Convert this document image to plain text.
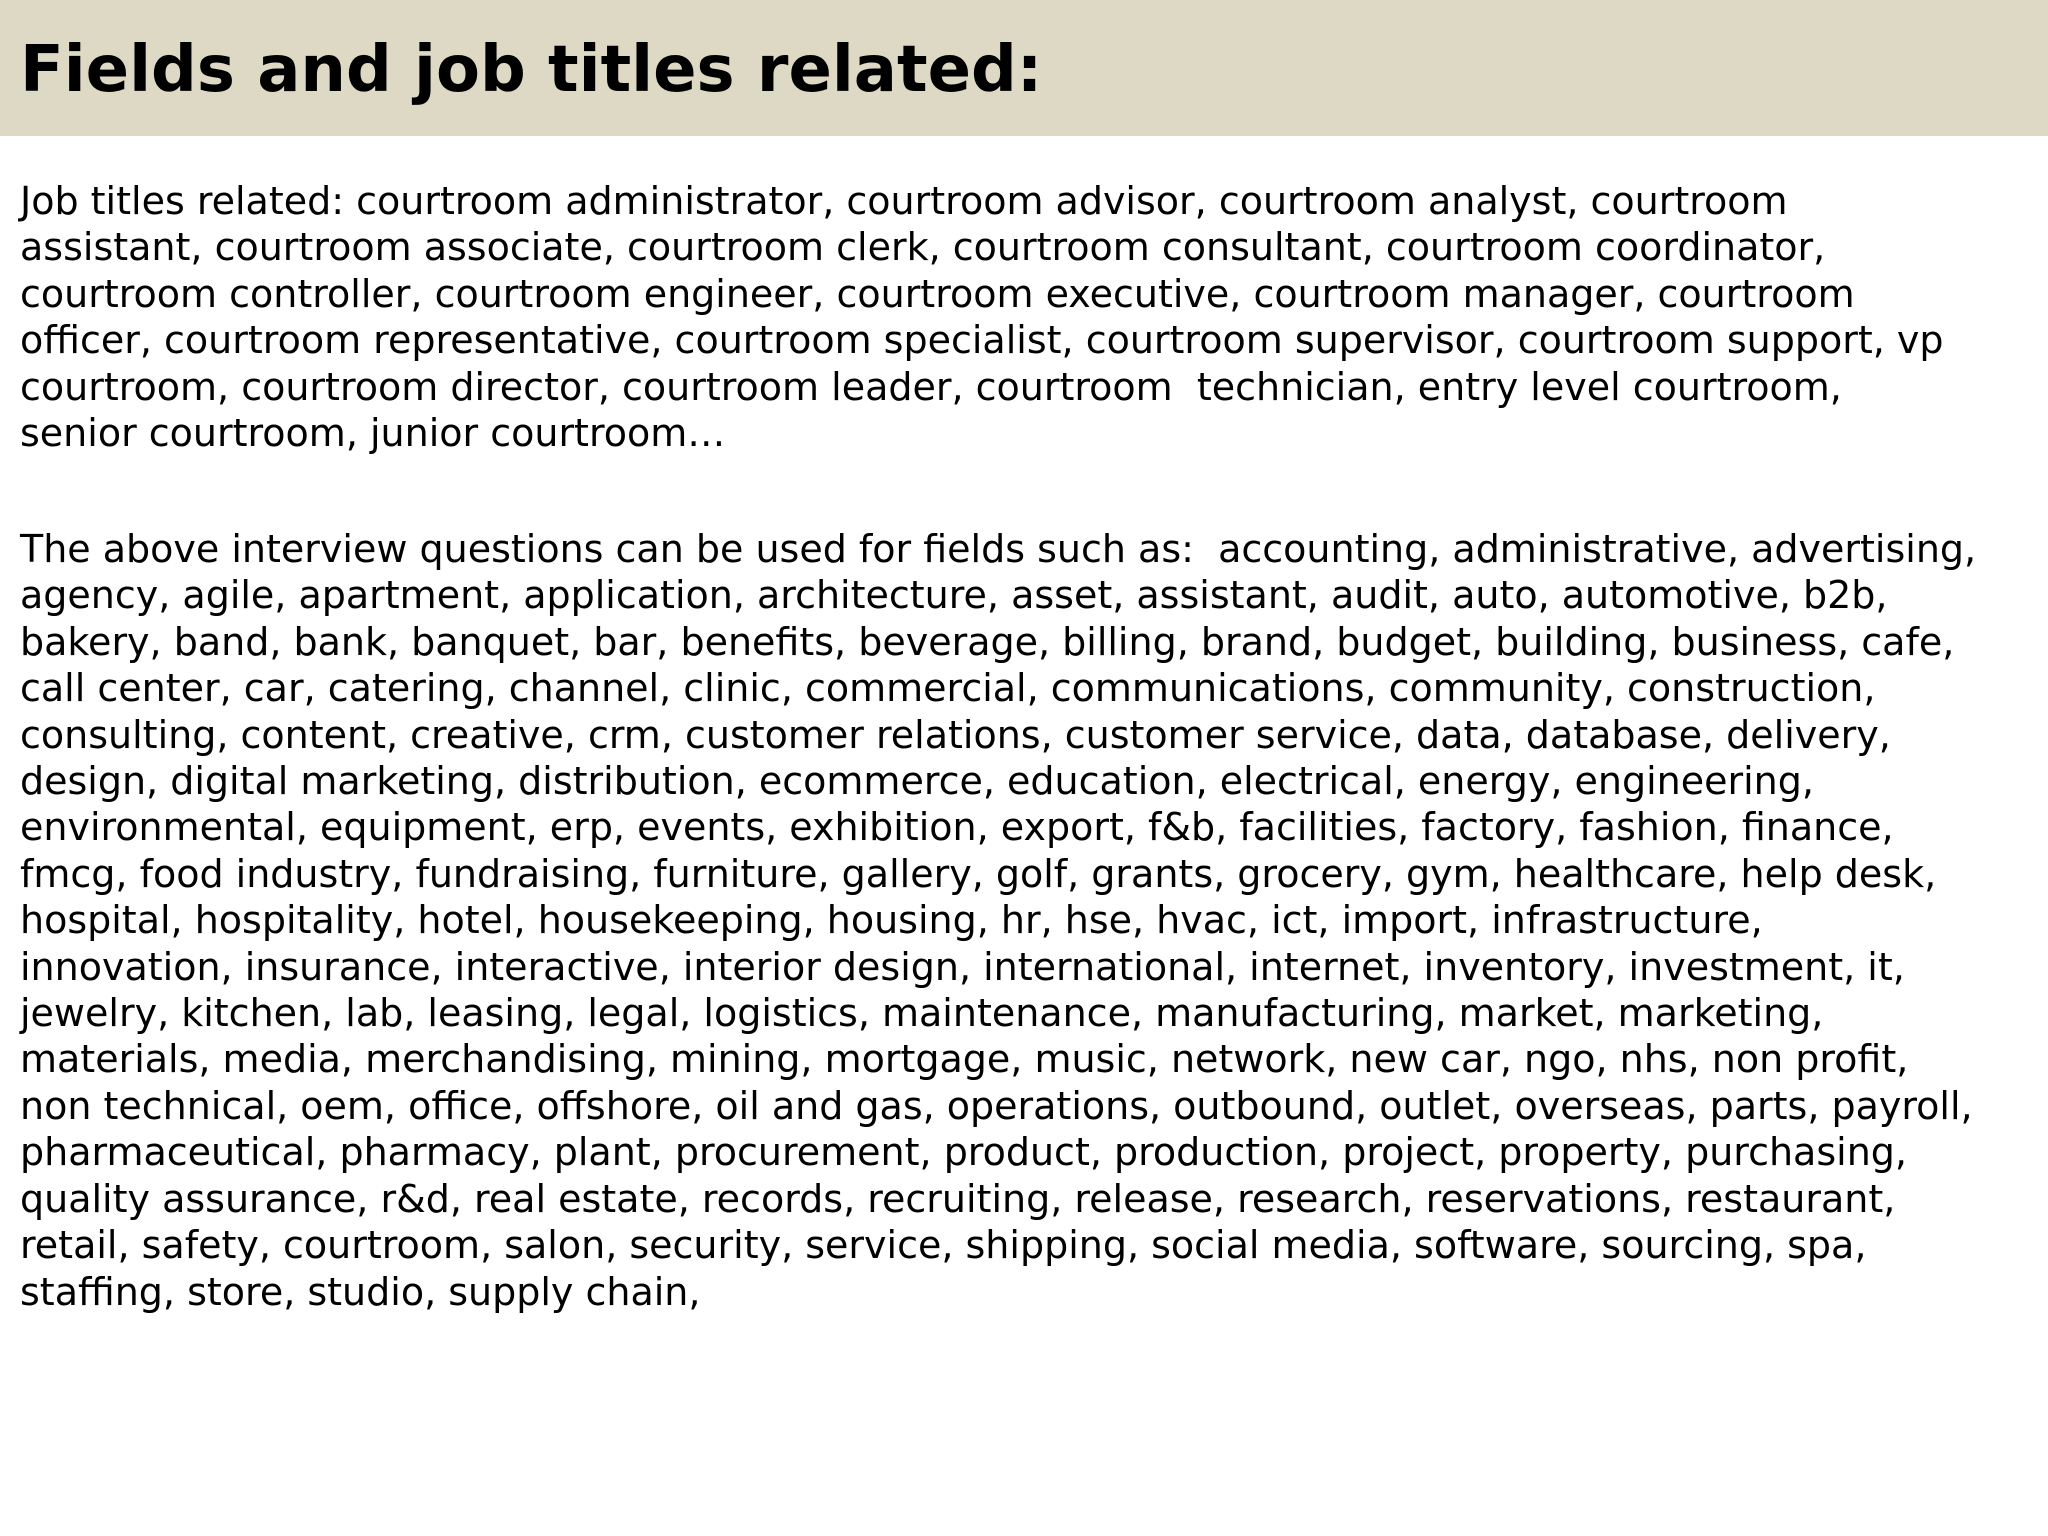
Fields and job titles related:

Job titles related: courtroom administrator, courtroom advisor, courtroom analyst, courtroom
assistant, courtroom associate, courtroom clerk, courtroom consultant, courtroom coordinator,
courtroom controller, courtroom engineer, courtroom executive, courtroom manager, courtroom
officer, courtroom representative, courtroom specialist, courtroom supervisor, courtroom support, vp
courtroom, courtroom director, courtroom leader, courtroom  technician, entry level courtroom,
senior courtroom, junior courtroom…

The above interview questions can be used for fields such as:  accounting, administrative, advertising,
agency, agile, apartment, application, architecture, asset, assistant, audit, auto, automotive, b2b,
bakery, band, bank, banquet, bar, benefits, beverage, billing, brand, budget, building, business, cafe,
call center, car, catering, channel, clinic, commercial, communications, community, construction,
consulting, content, creative, crm, customer relations, customer service, data, database, delivery,
design, digital marketing, distribution, ecommerce, education, electrical, energy, engineering,
environmental, equipment, erp, events, exhibition, export, f&b, facilities, factory, fashion, finance,
fmcg, food industry, fundraising, furniture, gallery, golf, grants, grocery, gym, healthcare, help desk,
hospital, hospitality, hotel, housekeeping, housing, hr, hse, hvac, ict, import, infrastructure,
innovation, insurance, interactive, interior design, international, internet, inventory, investment, it,
jewelry, kitchen, lab, leasing, legal, logistics, maintenance, manufacturing, market, marketing,
materials, media, merchandising, mining, mortgage, music, network, new car, ngo, nhs, non profit,
non technical, oem, office, offshore, oil and gas, operations, outbound, outlet, overseas, parts, payroll,
pharmaceutical, pharmacy, plant, procurement, product, production, project, property, purchasing,
quality assurance, r&d, real estate, records, recruiting, release, research, reservations, restaurant,
retail, safety, courtroom, salon, security, service, shipping, social media, software, sourcing, spa,
staffing, store, studio, supply chain,
